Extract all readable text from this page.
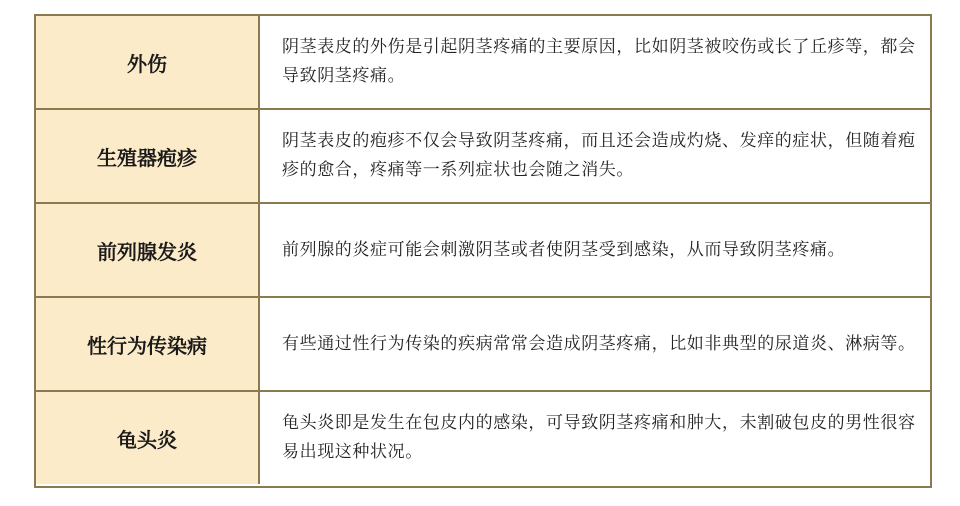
外伤
阴茎表皮的外伤是引起阴茎疼痛的主要原因，比如阴茎被咬伤或长了丘疹等，都会导致阴茎疼痛。
生殖器疱疹
阴茎表皮的疱疹不仅会导致阴茎疼痛，而且还会造成灼烧、发痒的症状，但随着疱疹的愈合，疼痛等一系列症状也会随之消失。
前列腺发炎	前列腺的炎症可能会刺激阴茎或者使阴茎受到感染，从而导致阴茎疼痛。
性行为传染病	有些通过性行为传染的疾病常常会造成阴茎疼痛，比如非典型的尿道炎、淋病等。
龟头炎
龟头炎即是发生在包皮内的感染，可导致阴茎疼痛和肿大，未割破包皮的男性很容易出现这种状况。
